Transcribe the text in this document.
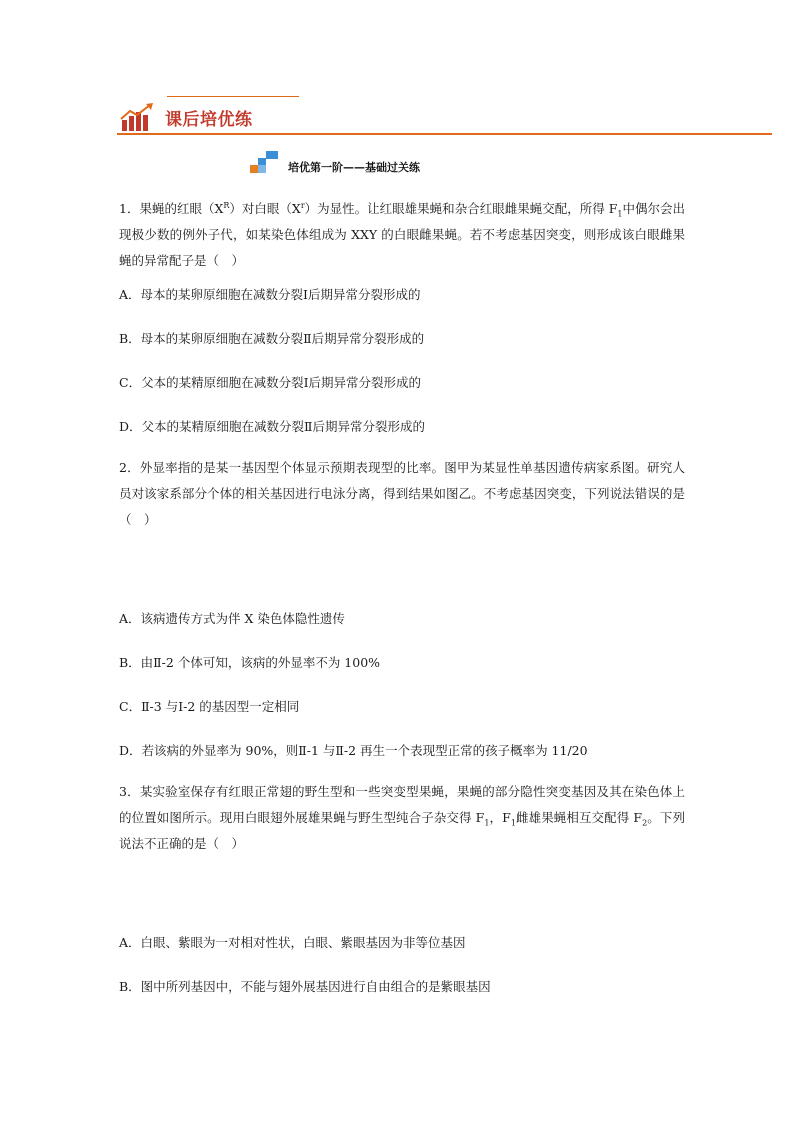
课后培优练
培优第一阶——基础过关练

1．果蝇的红眼$(X^R)$对白眼$(X^r)$为显性。让红眼雄果蝇和杂合红眼雌果蝇交配，所得 $F_1$中偶尔会出现极少数的例外子代，如某染色体组成为 XXY 的白眼雌果蝇。若不考虑基因突变，则形成该白眼雌果蝇的异常配子是（　）

A．母本的某卵原细胞在减数分裂Ⅰ后期异常分裂形成的

B．母本的某卵原细胞在减数分裂Ⅱ后期异常分裂形成的

C．父本的某精原细胞在减数分裂Ⅰ后期异常分裂形成的

D．父本的某精原细胞在减数分裂Ⅱ后期异常分裂形成的

2．外显率指的是某一基因型个体显示预期表现型的比率。图甲为某显性单基因遗传病家系图。研究人员对该家系部分个体的相关基因进行电泳分离，得到结果如图乙。不考虑基因突变，下列说法错误的是（　）

A．该病遗传方式为伴 X 染色体隐性遗传

B．由Ⅱ-2 个体可知，该病的外显率不为 100%

C．Ⅱ-3 与Ⅰ-2 的基因型一定相同

D．若该病的外显率为 90%，则Ⅱ-1 与Ⅱ-2 再生一个表现型正常的孩子概率为 11/20

3．某实验室保存有红眼正常翅的野生型和一些突变型果蝇，果蝇的部分隐性突变基因及其在染色体上的位置如图所示。现用白眼翅外展雄果蝇与野生型纯合子杂交得 $F_1$，$F_1$雌雄果蝇相互交配得 $F_2$。下列说法不正确的是（　）

A．白眼、紫眼为一对相对性状，白眼、紫眼基因为非等位基因

B．图中所列基因中，不能与翅外展基因进行自由组合的是紫眼基因
